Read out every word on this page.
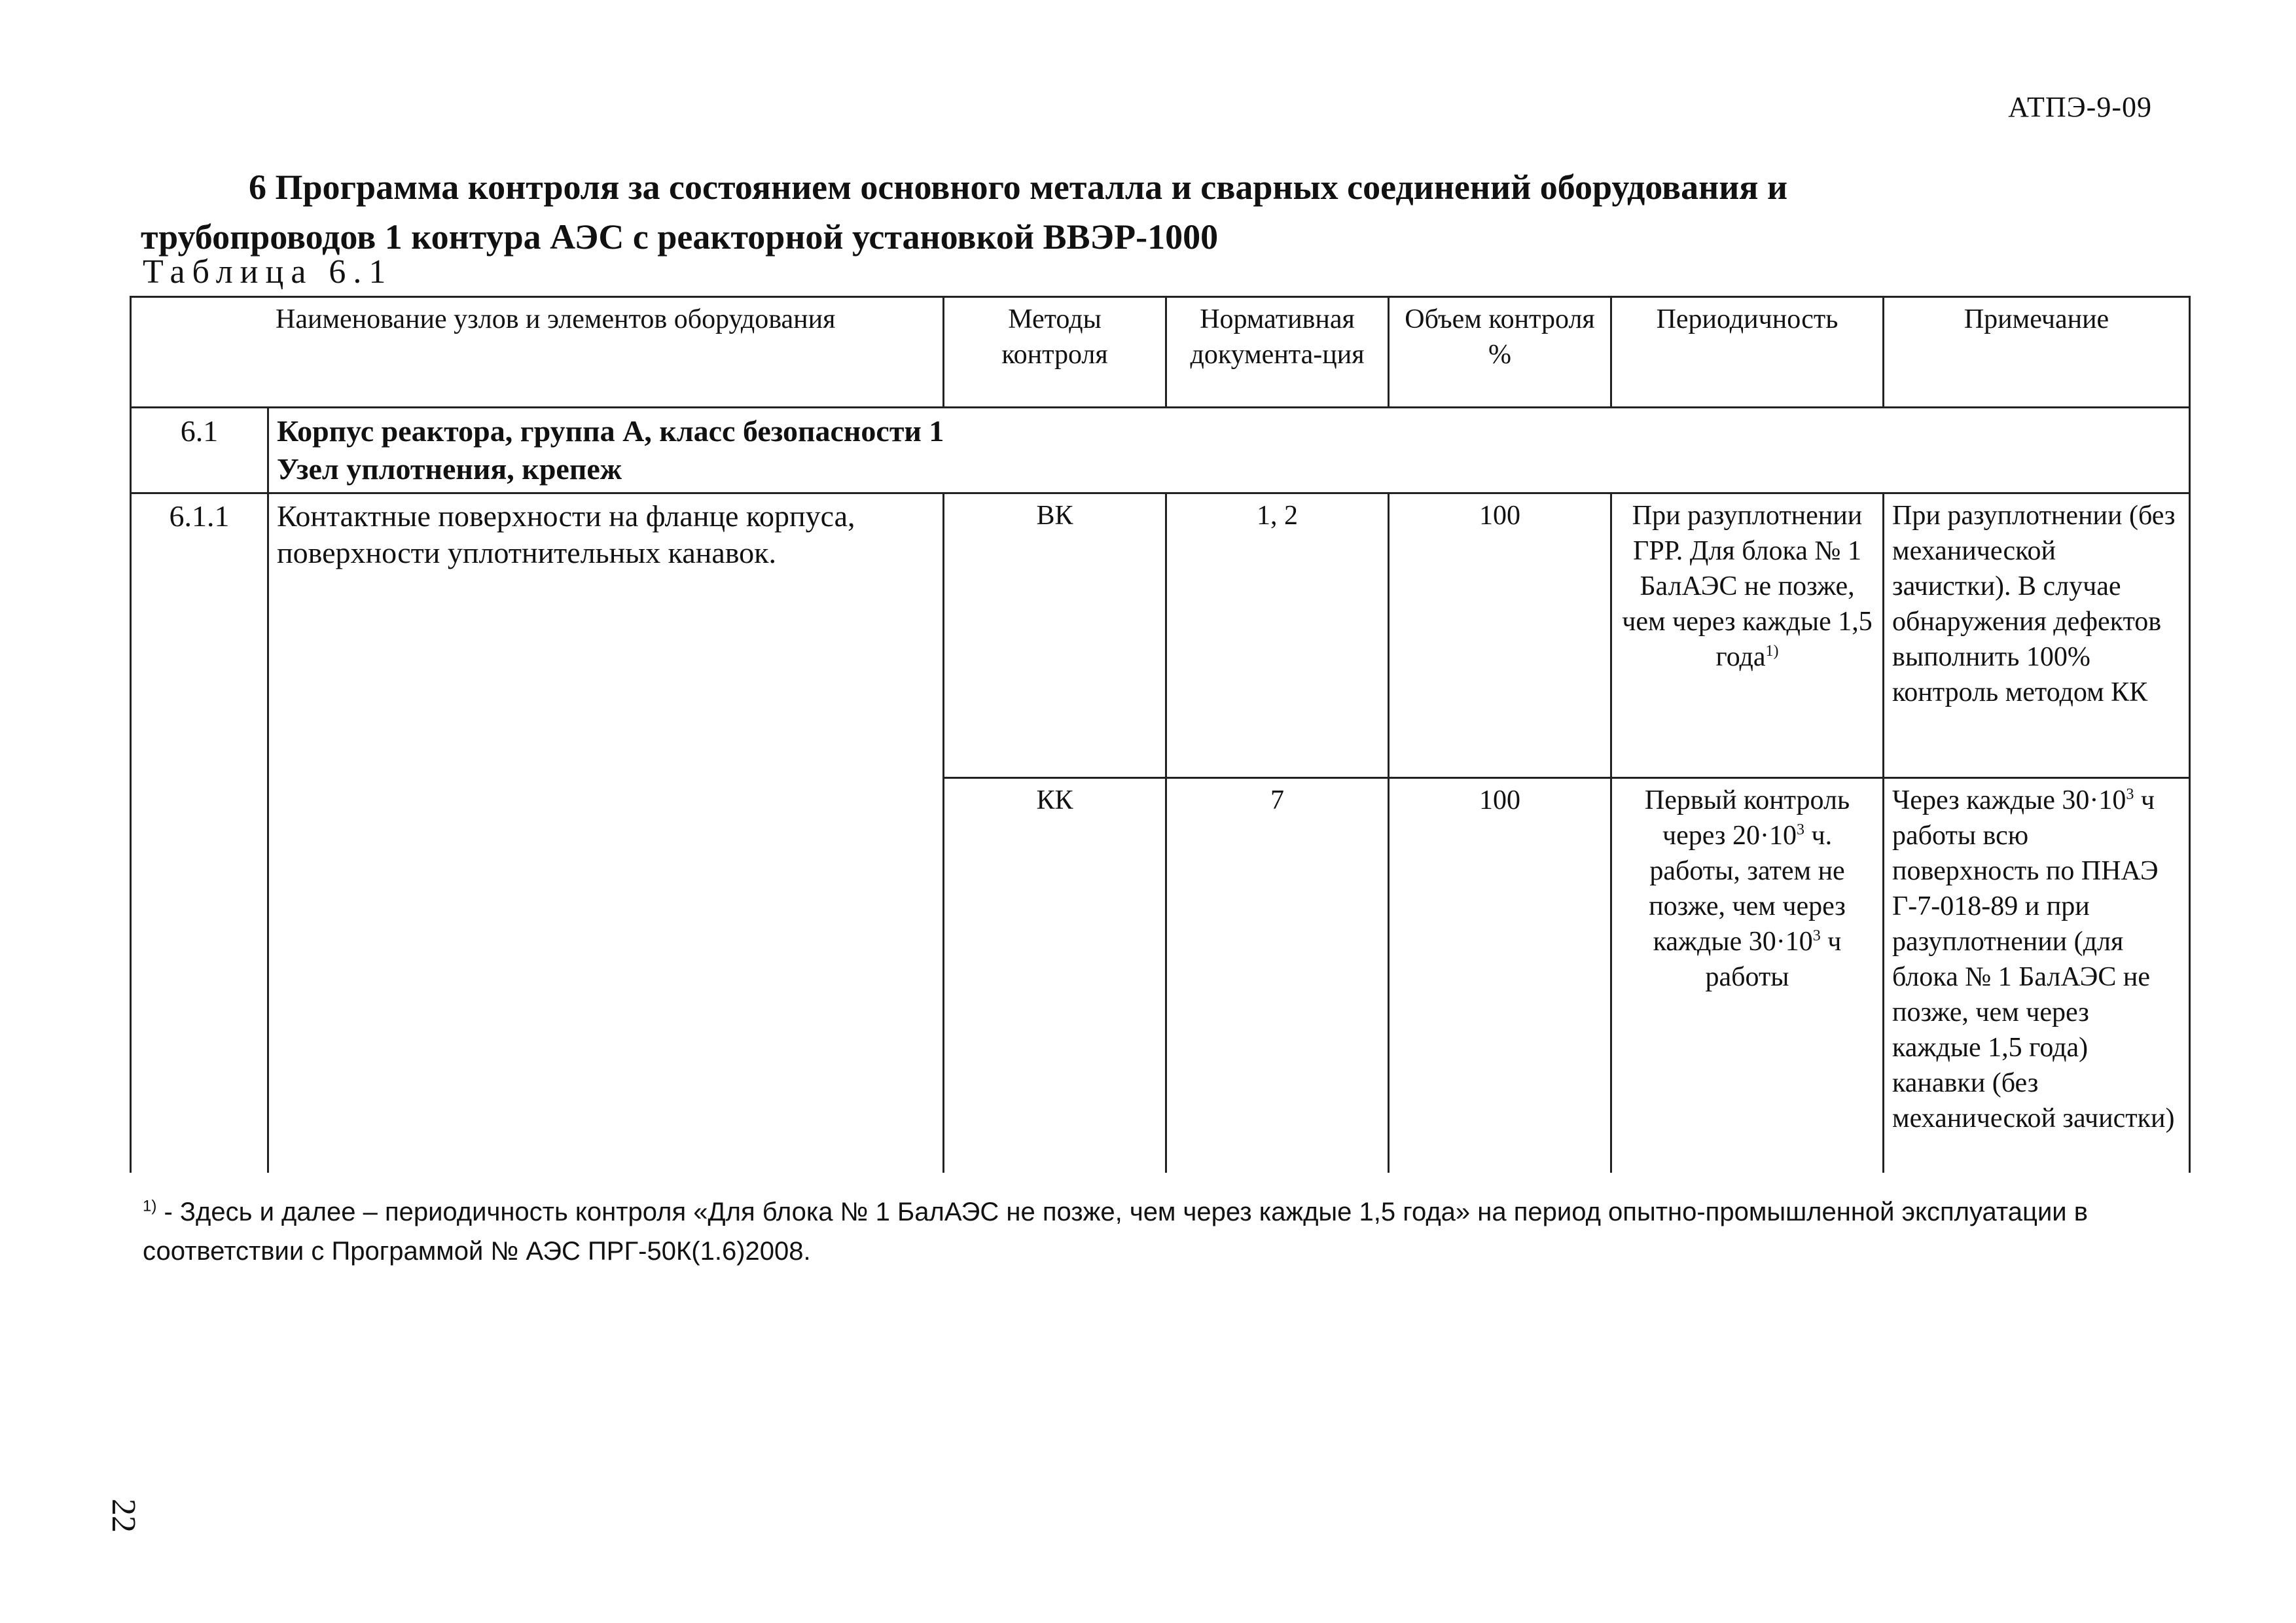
АТПЭ-9-09
6 Программа контроля за состоянием основного металла и сварных соединений оборудования и
трубопроводов 1 контура АЭС с реакторной установкой ВВЭР-1000
Таблица 6.1
Наименование узлов и элементов оборудования		Методы контроля	Нормативная документа-ция	Объем контроля %	Периодичность	Примечание
6.1	Корпус реактора, группа А, класс безопасности 1
Узел уплотнения, крепеж					

6.1.1	Контактные поверхности на фланце корпуса, поверхности уплотнительных канавок.	ВК	1, 2	100	При разуплотнении ГРР. Для блока № 1 БалАЭС не позже, чем через каждые 1,5 года$^{1)}$	При разуплотнении (без механической зачистки). В случае обнаружения дефектов выполнить 100% контроль методом КК
		КК	7	100	Первый контроль через $20\cdot 10^3$ ч. работы, затем не позже, чем через каждые $30\cdot 10^3$ ч работы	Через каждые $30\cdot 10^3$ ч работы всю поверхность по ПНАЭ Г-7-018-89 и при разуплотнении (для блока № 1 БалАЭС не позже, чем через каждые 1,5 года) канавки (без механической зачистки)
$^{1)}$ - Здесь и далее – периодичность контроля «Для блока № 1 БалАЭС не позже, чем через каждые 1,5 года» на период опытно-промышленной эксплуатации в соответствии с Программой № АЭС ПРГ-50К(1.6)2008.
22
